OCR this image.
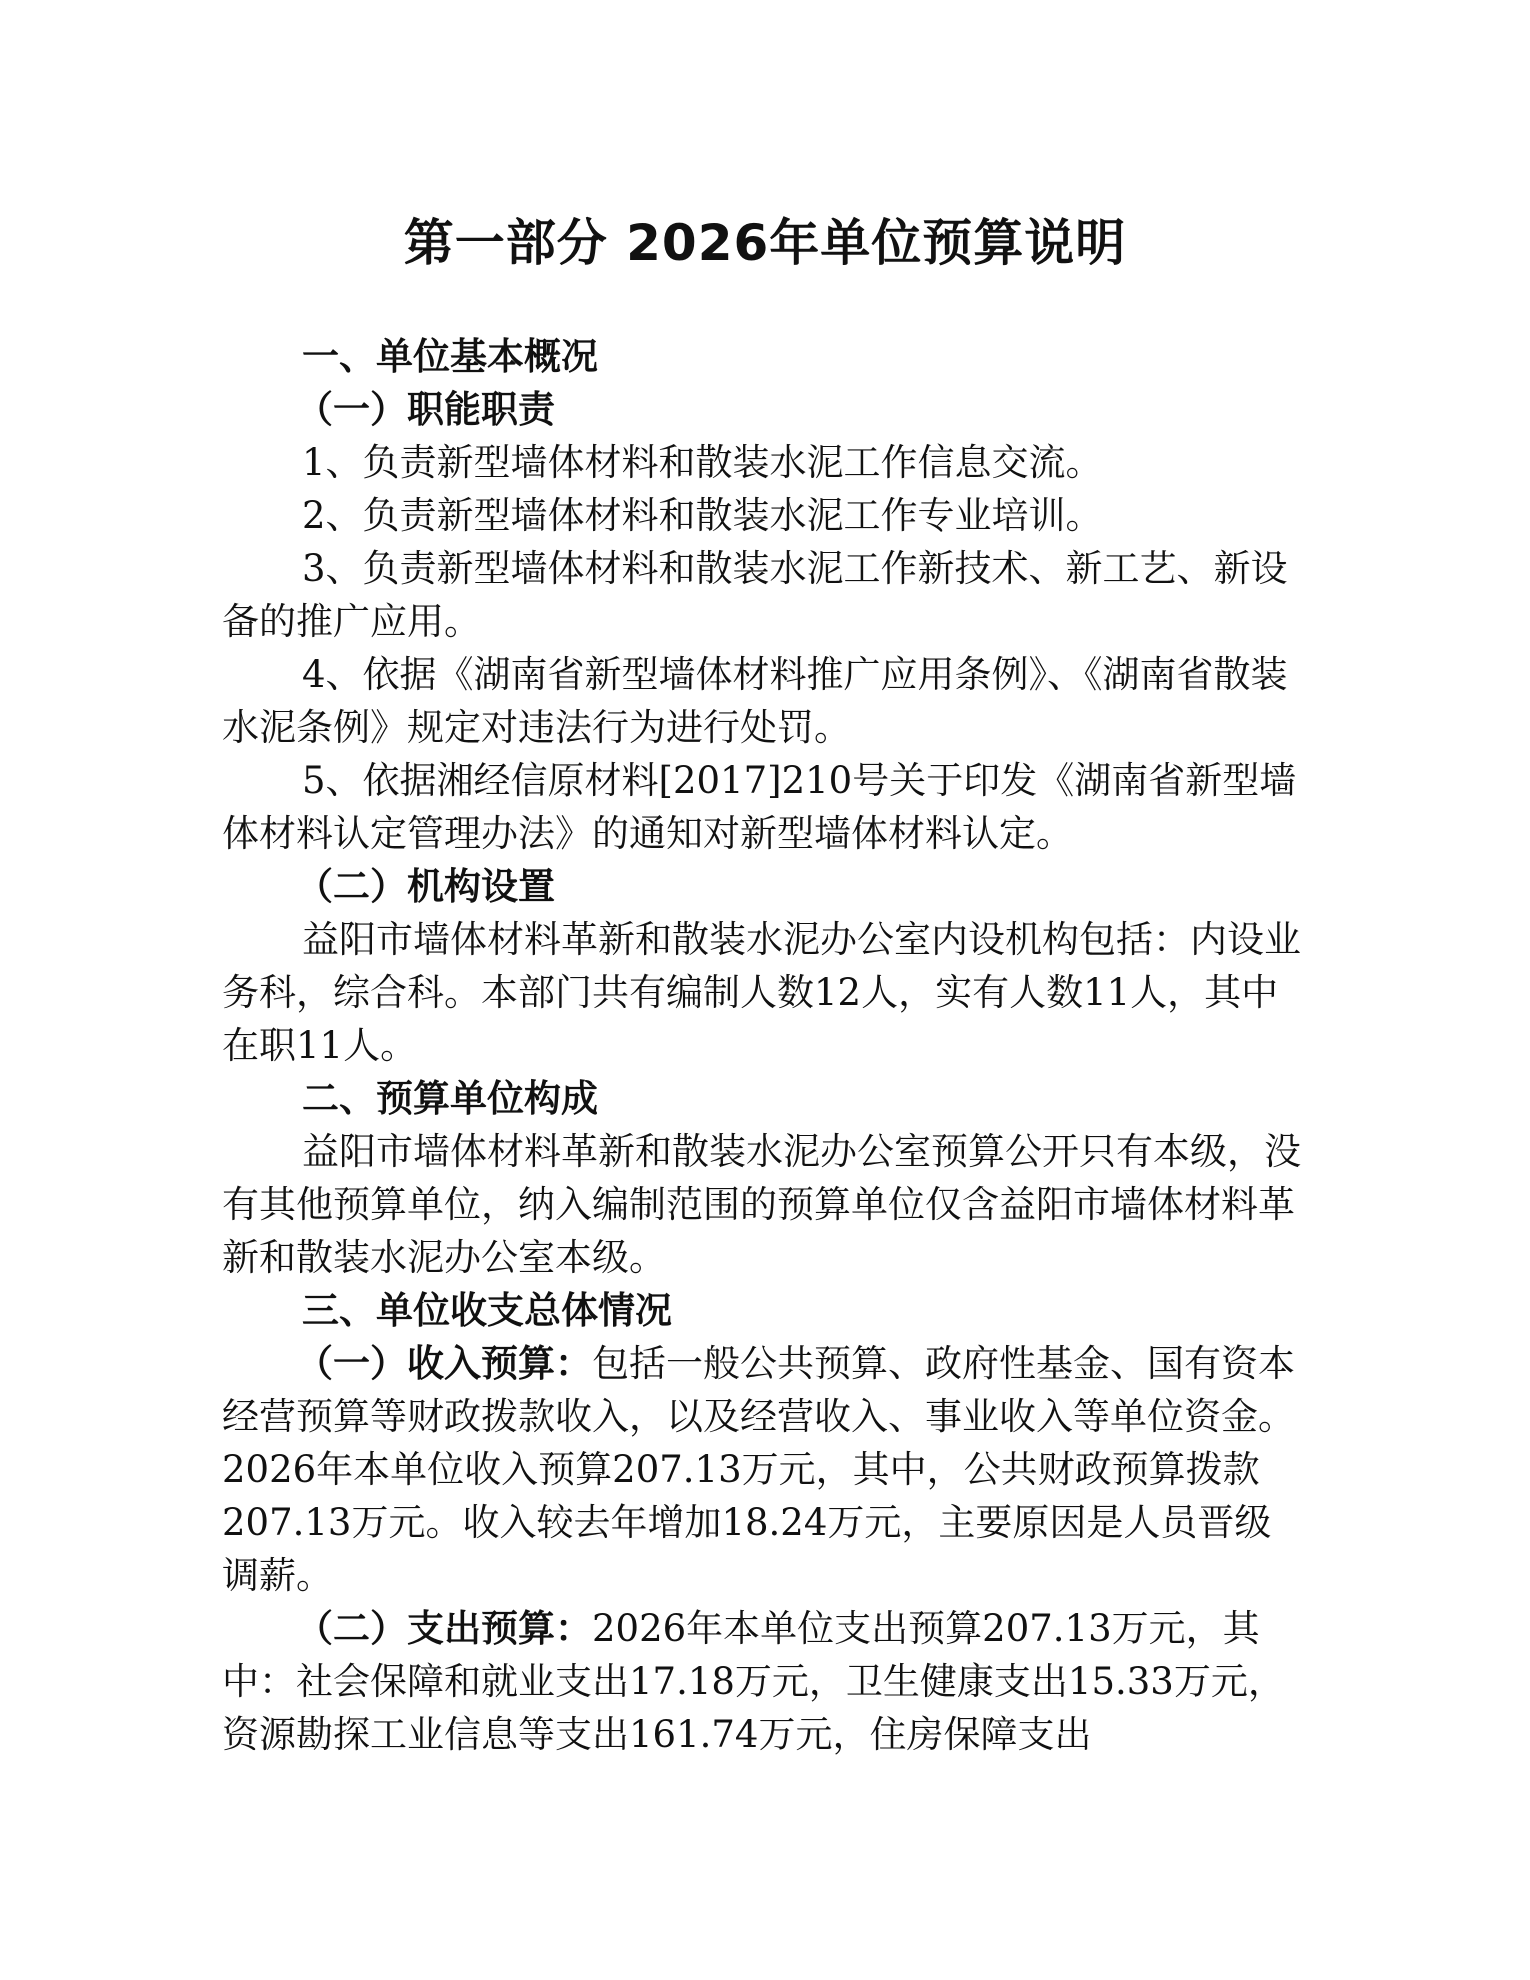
第一部分 2026年单位预算说明

一、单位基本概况

（一）职能职责

1、负责新型墙体材料和散装水泥工作信息交流。

2、负责新型墙体材料和散装水泥工作专业培训。

3、负责新型墙体材料和散装水泥工作新技术、新工艺、新设备的推广应用。

4、依据《湖南省新型墙体材料推广应用条例》、《湖南省散装水泥条例》规定对违法行为进行处罚。

5、依据湘经信原材料[2017]210号关于印发《湖南省新型墙体材料认定管理办法》的通知对新型墙体材料认定。

（二）机构设置

益阳市墙体材料革新和散装水泥办公室内设机构包括：内设业务科，综合科。本部门共有编制人数12人，实有人数11人，其中在职11人。

二、预算单位构成

益阳市墙体材料革新和散装水泥办公室预算公开只有本级，没有其他预算单位，纳入编制范围的预算单位仅含益阳市墙体材料革新和散装水泥办公室本级。

三、单位收支总体情况

（一）收入预算：包括一般公共预算、政府性基金、国有资本经营预算等财政拨款收入，以及经营收入、事业收入等单位资金。2026年本单位收入预算207.13万元，其中，公共财政预算拨款207.13万元。收入较去年增加18.24万元，主要原因是人员晋级调薪。

（二）支出预算：2026年本单位支出预算207.13万元，其中：社会保障和就业支出17.18万元，卫生健康支出15.33万元，资源勘探工业信息等支出161.74万元，住房保障支出
